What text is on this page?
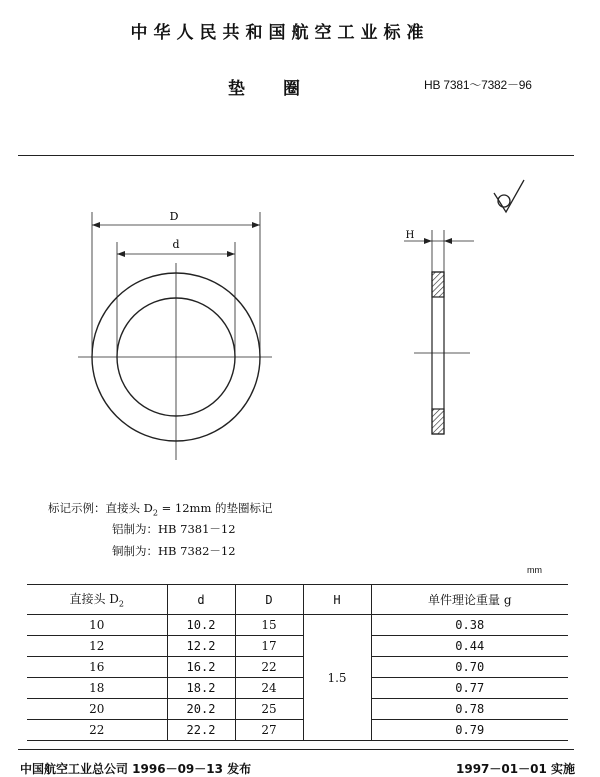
中华人民共和国航空工业标准
垫圈	HB 7381～7382－96
D
d
H
标记示例：直接头 $D_2 = 12mm$ 的垫圈标记
铝制为：HB 7381－12
铜制为：HB 7382－12
mm
直接头 $D_2$	d	D	H	单件理论重量 g
10	10.2	15	1.5	0.38
12	12.2	17		0.44
16	16.2	22		0.70
18	18.2	24		0.77
20	20.2	25		0.78
22	22.2	27		0.79
中国航空工业总公司 1996－09－13 发布	1997－01－01 实施
